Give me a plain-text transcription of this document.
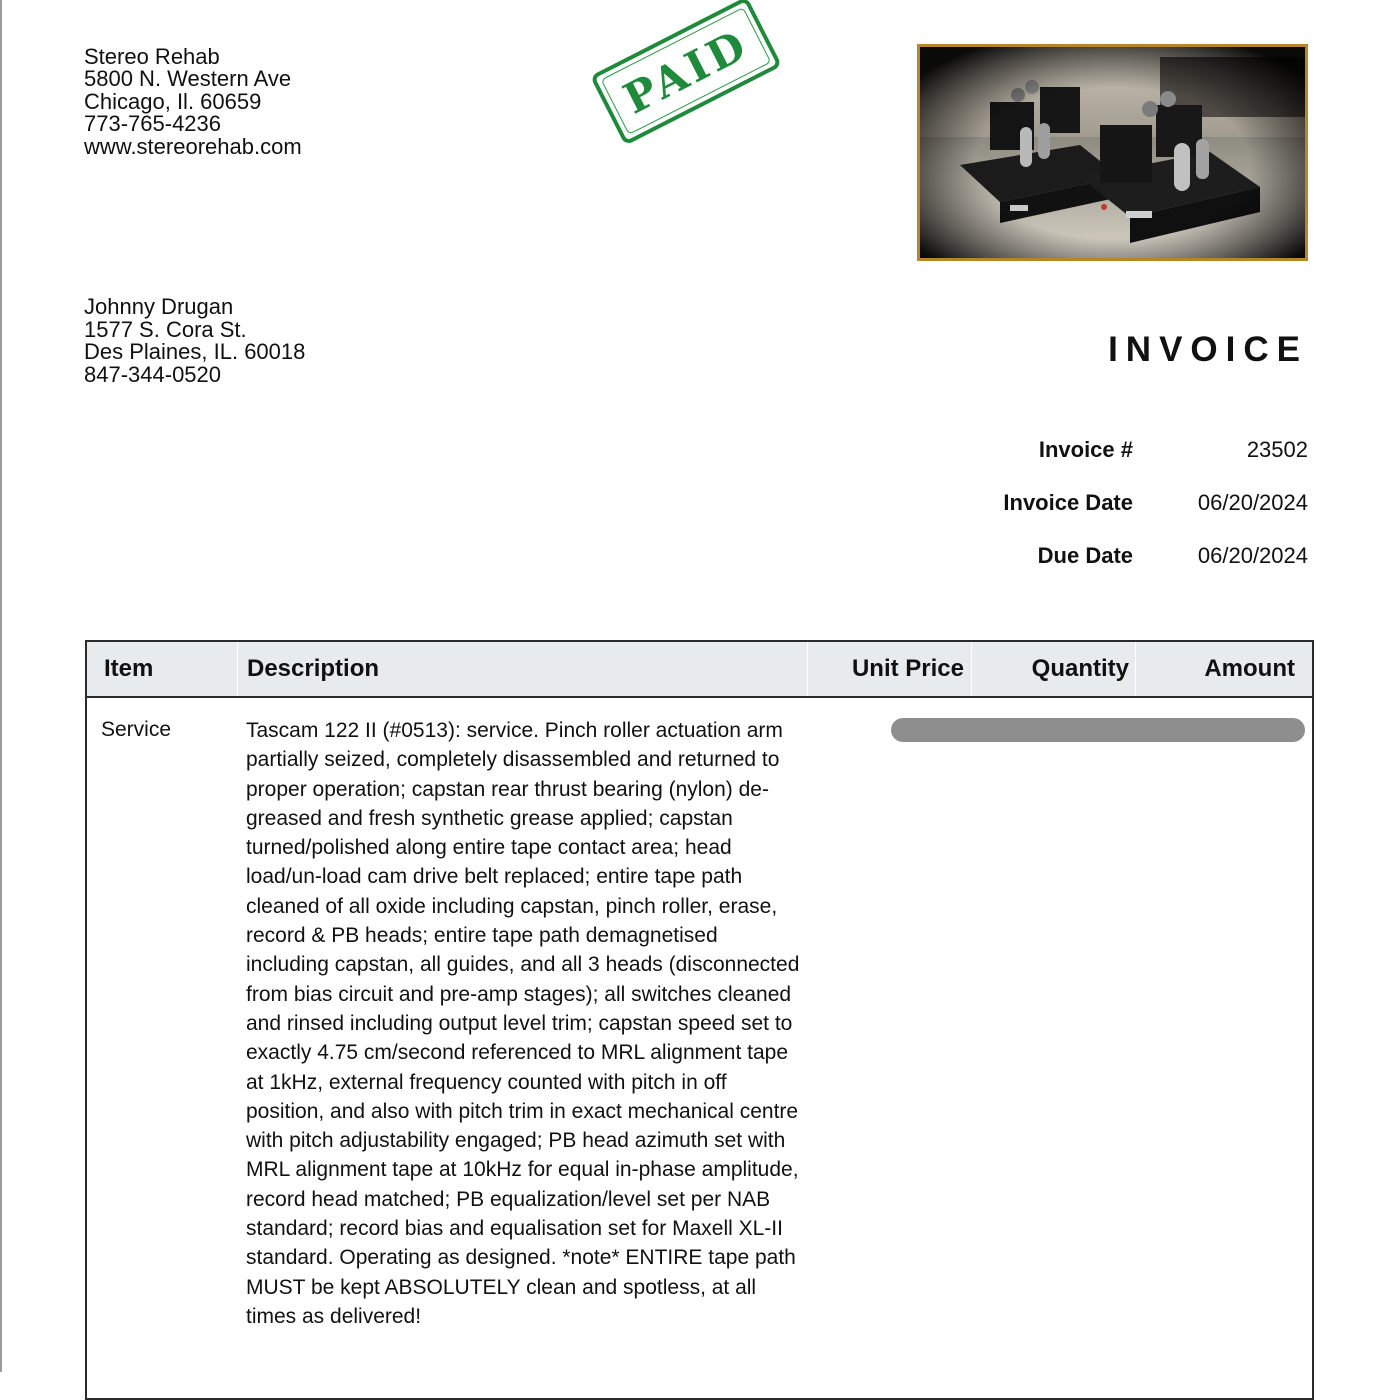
Stereo Rehab
5800 N. Western Ave
Chicago, Il. 60659
773-765-4236
www.stereorehab.com
PAID
Johnny Drugan
1577 S. Cora St.
Des Plaines, IL. 60018
847-344-0520
INVOICE
Invoice #	23502
Invoice Date	06/20/2024
Due Date	06/20/2024
Item	Description	Unit Price	Quantity	Amount
Service	Tascam 122 II (#0513): service. Pinch roller actuation arm partially seized, completely disassembled and returned to proper operation; capstan rear thrust bearing (nylon) de-greased and fresh synthetic grease applied; capstan turned/polished along entire tape contact area; head load/un-load cam drive belt replaced; entire tape path cleaned of all oxide including capstan, pinch roller, erase, record & PB heads; entire tape path demagnetised including capstan, all guides, and all 3 heads (disconnected from bias circuit and pre-amp stages); all switches cleaned and rinsed including output level trim; capstan speed set to exactly 4.75 cm/second referenced to MRL alignment tape at 1kHz, external frequency counted with pitch in off position, and also with pitch trim in exact mechanical centre with pitch adjustability engaged; PB head azimuth set with MRL alignment tape at 10kHz for equal in-phase amplitude, record head matched; PB equalization/level set per NAB standard; record bias and equalisation set for Maxell XL-II standard. Operating as designed. *note* ENTIRE tape path MUST be kept ABSOLUTELY clean and spotless, at all times as delivered!
